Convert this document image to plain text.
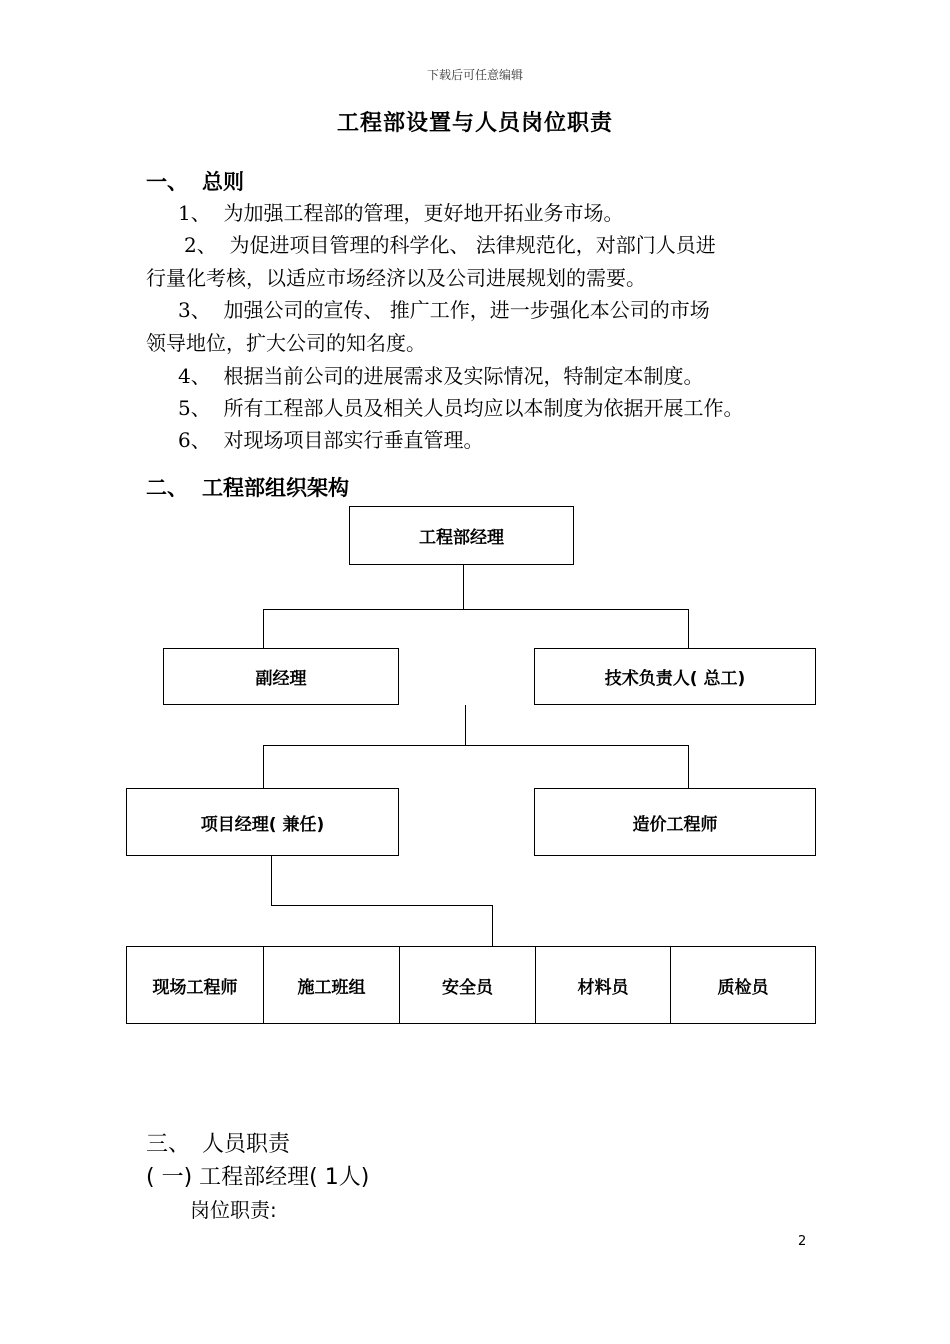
下载后可任意编辑
工程部设置与人员岗位职责
一、 总则
1、 为加强工程部的管理，更好地开拓业务市场。
2、 为促进项目管理的科学化、 法律规范化，对部门人员进
行量化考核，以适应市场经济以及公司进展规划的需要。
3、 加强公司的宣传、 推广工作，进一步强化本公司的市场
领导地位，扩大公司的知名度。
4、 根据当前公司的进展需求及实际情况，特制定本制度。
5、 所有工程部人员及相关人员均应以本制度为依据开展工作。
6、 对现场项目部实行垂直管理。
二、 工程部组织架构
工程部经理
副经理	技术负责人( 总工)
项目经理( 兼任)	造价工程师
现场工程师	施工班组	安全员	材料员	质检员
三、 人员职责
( 一) 工程部经理( 1人)
岗位职责:
2
